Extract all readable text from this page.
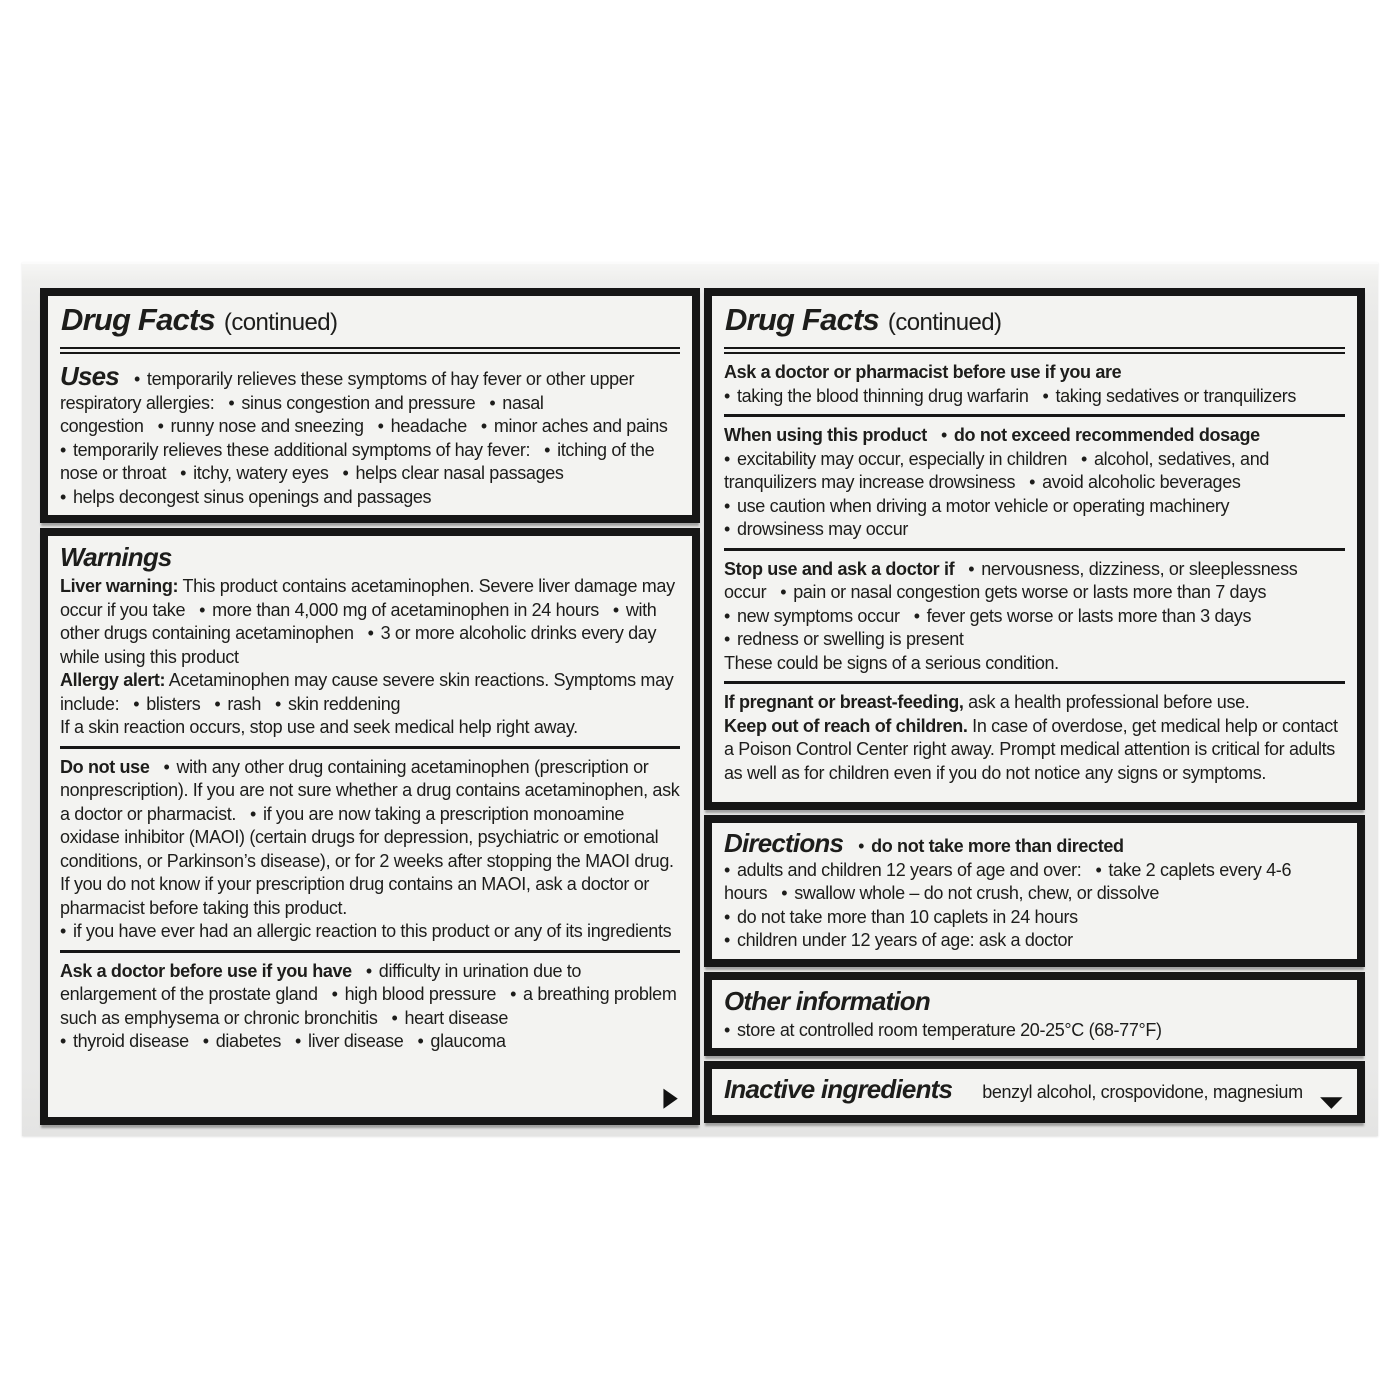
Drug Facts (continued)

Uses • temporarily relieves these symptoms of hay fever or other upper respiratory allergies: • sinus congestion and pressure • nasal congestion • runny nose and sneezing • headache • minor aches and pains
• temporarily relieves these additional symptoms of hay fever: • itching of the nose or throat • itchy, watery eyes • helps clear nasal passages
• helps decongest sinus openings and passages

Warnings

Liver warning: This product contains acetaminophen. Severe liver damage may occur if you take • more than 4,000 mg of acetaminophen in 24 hours • with other drugs containing acetaminophen • 3 or more alcoholic drinks every day while using this product
Allergy alert: Acetaminophen may cause severe skin reactions. Symptoms may include: • blisters • rash • skin reddening
If a skin reaction occurs, stop use and seek medical help right away.

Do not use • with any other drug containing acetaminophen (prescription or nonprescription). If you are not sure whether a drug contains acetaminophen, ask a doctor or pharmacist. • if you are now taking a prescription monoamine oxidase inhibitor (MAOI) (certain drugs for depression, psychiatric or emotional conditions, or Parkinson’s disease), or for 2 weeks after stopping the MAOI drug. If you do not know if your prescription drug contains an MAOI, ask a doctor or pharmacist before taking this product.
• if you have ever had an allergic reaction to this product or any of its ingredients

Ask a doctor before use if you have • difficulty in urination due to enlargement of the prostate gland • high blood pressure • a breathing problem such as emphysema or chronic bronchitis • heart disease
• thyroid disease • diabetes • liver disease • glaucoma

▶
Drug Facts (continued)

Ask a doctor or pharmacist before use if you are
• taking the blood thinning drug warfarin • taking sedatives or tranquilizers

When using this product • do not exceed recommended dosage
• excitability may occur, especially in children • alcohol, sedatives, and tranquilizers may increase drowsiness • avoid alcoholic beverages
• use caution when driving a motor vehicle or operating machinery
• drowsiness may occur

Stop use and ask a doctor if • nervousness, dizziness, or sleeplessness occur • pain or nasal congestion gets worse or lasts more than 7 days
• new symptoms occur • fever gets worse or lasts more than 3 days
• redness or swelling is present
These could be signs of a serious condition.

If pregnant or breast-feeding, ask a health professional before use.
Keep out of reach of children. In case of overdose, get medical help or contact a Poison Control Center right away. Prompt medical attention is critical for adults as well as for children even if you do not notice any signs or symptoms.

Directions • do not take more than directed
• adults and children 12 years of age and over: • take 2 caplets every 4-6 hours • swallow whole – do not crush, chew, or dissolve
• do not take more than 10 caplets in 24 hours
• children under 12 years of age: ask a doctor

Other information

• store at controlled room temperature 20-25°C (68-77°F)

Inactive ingredients benzyl alcohol, crospovidone, magnesium

▼
